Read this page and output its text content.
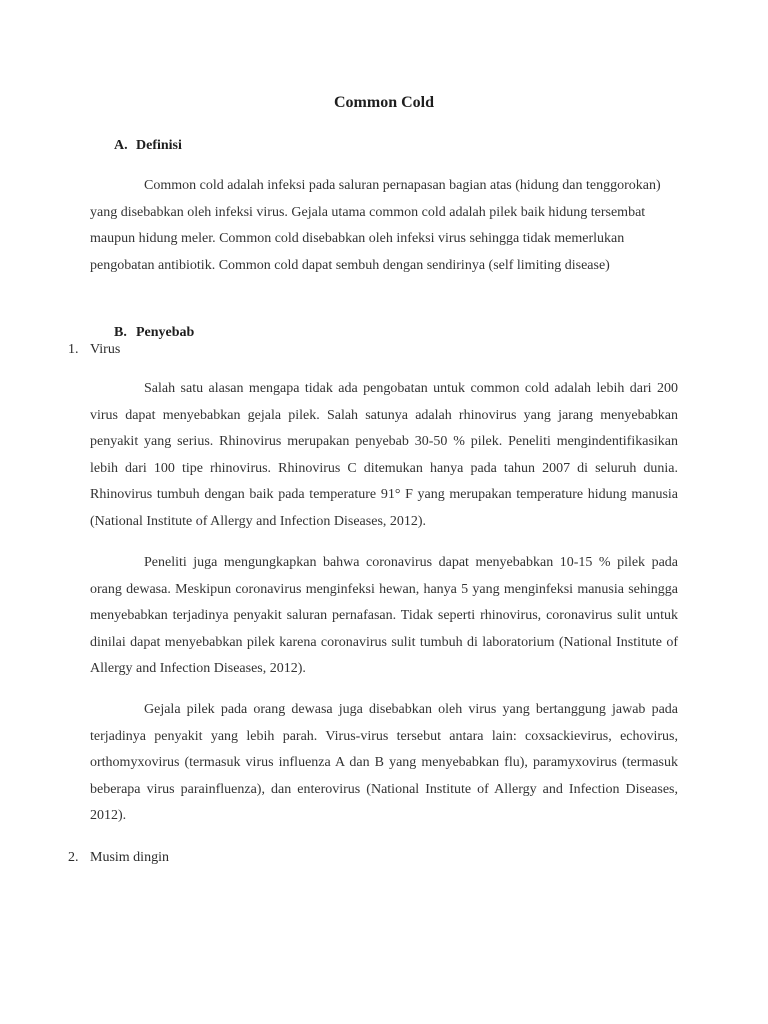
Common Cold
A. Definisi

Common cold adalah infeksi pada saluran pernapasan bagian atas (hidung dan tenggorokan) yang disebabkan oleh infeksi virus. Gejala utama common cold adalah pilek baik hidung tersembat maupun hidung meler. Common cold disebabkan oleh infeksi virus sehingga tidak memerlukan pengobatan antibiotik. Common cold dapat sembuh dengan sendirinya (self limiting disease)

B. Penyebab
1. Virus

Salah satu alasan mengapa tidak ada pengobatan untuk common cold adalah lebih dari 200 virus dapat menyebabkan gejala pilek. Salah satunya adalah rhinovirus yang jarang menyebabkan penyakit yang serius. Rhinovirus merupakan penyebab 30-50 % pilek. Peneliti mengindentifikasikan lebih dari 100 tipe rhinovirus. Rhinovirus C ditemukan hanya pada tahun 2007 di seluruh dunia. Rhinovirus tumbuh dengan baik pada temperature 91° F yang merupakan temperature hidung manusia (National Institute of Allergy and Infection Diseases, 2012).

Peneliti juga mengungkapkan bahwa coronavirus dapat menyebabkan 10-15 % pilek pada orang dewasa. Meskipun coronavirus menginfeksi hewan, hanya 5 yang menginfeksi manusia sehingga menyebabkan terjadinya penyakit saluran pernafasan. Tidak seperti rhinovirus, coronavirus sulit untuk dinilai dapat menyebabkan pilek karena coronavirus sulit tumbuh di laboratorium (National Institute of Allergy and Infection Diseases, 2012).

Gejala pilek pada orang dewasa juga disebabkan oleh virus yang bertanggung jawab pada terjadinya penyakit yang lebih parah. Virus-virus tersebut antara lain: coxsackievirus, echovirus, orthomyxovirus (termasuk virus influenza A dan B yang menyebabkan flu), paramyxovirus (termasuk beberapa virus parainfluenza), dan enterovirus (National Institute of Allergy and Infection Diseases, 2012).

2. Musim dingin
